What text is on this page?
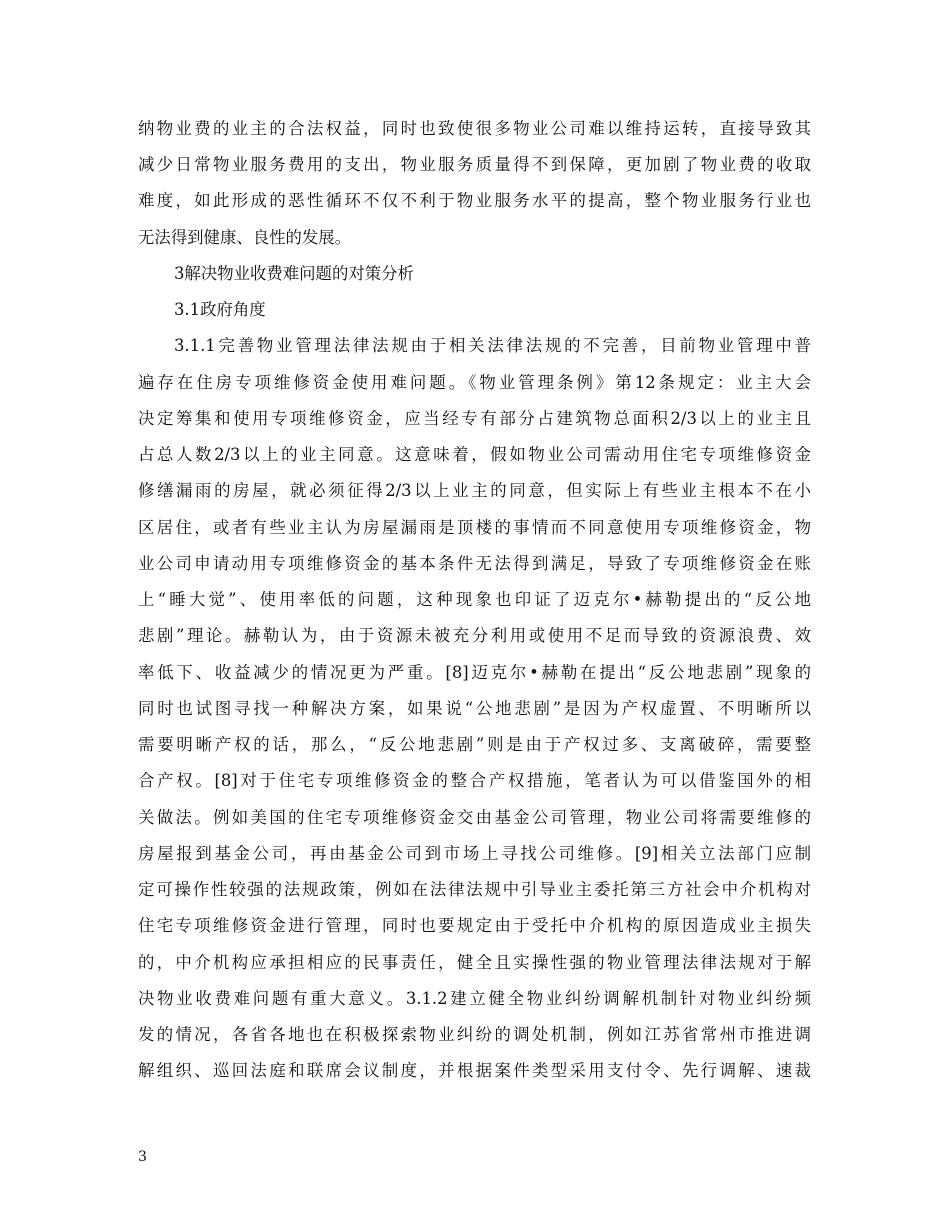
纳物业费的业主的合法权益，同时也致使很多物业公司难以维持运转，直接导致其
减少日常物业服务费用的支出，物业服务质量得不到保障，更加剧了物业费的收取
难度，如此形成的恶性循环不仅不利于物业服务水平的提高，整个物业服务行业也
无法得到健康、良性的发展。
3解决物业收费难问题的对策分析
3.1政府角度
3.1.1完善物业管理法律法规由于相关法律法规的不完善，目前物业管理中普
遍存在住房专项维修资金使用难问题。《物业管理条例》第12条规定：业主大会
决定筹集和使用专项维修资金，应当经专有部分占建筑物总面积2/3以上的业主且
占总人数2/3以上的业主同意。这意味着，假如物业公司需动用住宅专项维修资金
修缮漏雨的房屋，就必须征得2/3以上业主的同意，但实际上有些业主根本不在小
区居住，或者有些业主认为房屋漏雨是顶楼的事情而不同意使用专项维修资金，物
业公司申请动用专项维修资金的基本条件无法得到满足，导致了专项维修资金在账
上“睡大觉”、使用率低的问题，这种现象也印证了迈克尔•赫勒提出的“反公地
悲剧”理论。赫勒认为，由于资源未被充分利用或使用不足而导致的资源浪费、效
率低下、收益减少的情况更为严重。[8]迈克尔•赫勒在提出“反公地悲剧”现象的
同时也试图寻找一种解决方案，如果说“公地悲剧”是因为产权虚置、不明晰所以
需要明晰产权的话，那么，“反公地悲剧”则是由于产权过多、支离破碎，需要整
合产权。[8]对于住宅专项维修资金的整合产权措施，笔者认为可以借鉴国外的相
关做法。例如美国的住宅专项维修资金交由基金公司管理，物业公司将需要维修的
房屋报到基金公司，再由基金公司到市场上寻找公司维修。[9]相关立法部门应制
定可操作性较强的法规政策，例如在法律法规中引导业主委托第三方社会中介机构对
住宅专项维修资金进行管理，同时也要规定由于受托中介机构的原因造成业主损失
的，中介机构应承担相应的民事责任，健全且实操性强的物业管理法律法规对于解
决物业收费难问题有重大意义。3.1.2建立健全物业纠纷调解机制针对物业纠纷频
发的情况，各省各地也在积极探索物业纠纷的调处机制，例如江苏省常州市推进调
解组织、巡回法庭和联席会议制度，并根据案件类型采用支付令、先行调解、速裁
3
